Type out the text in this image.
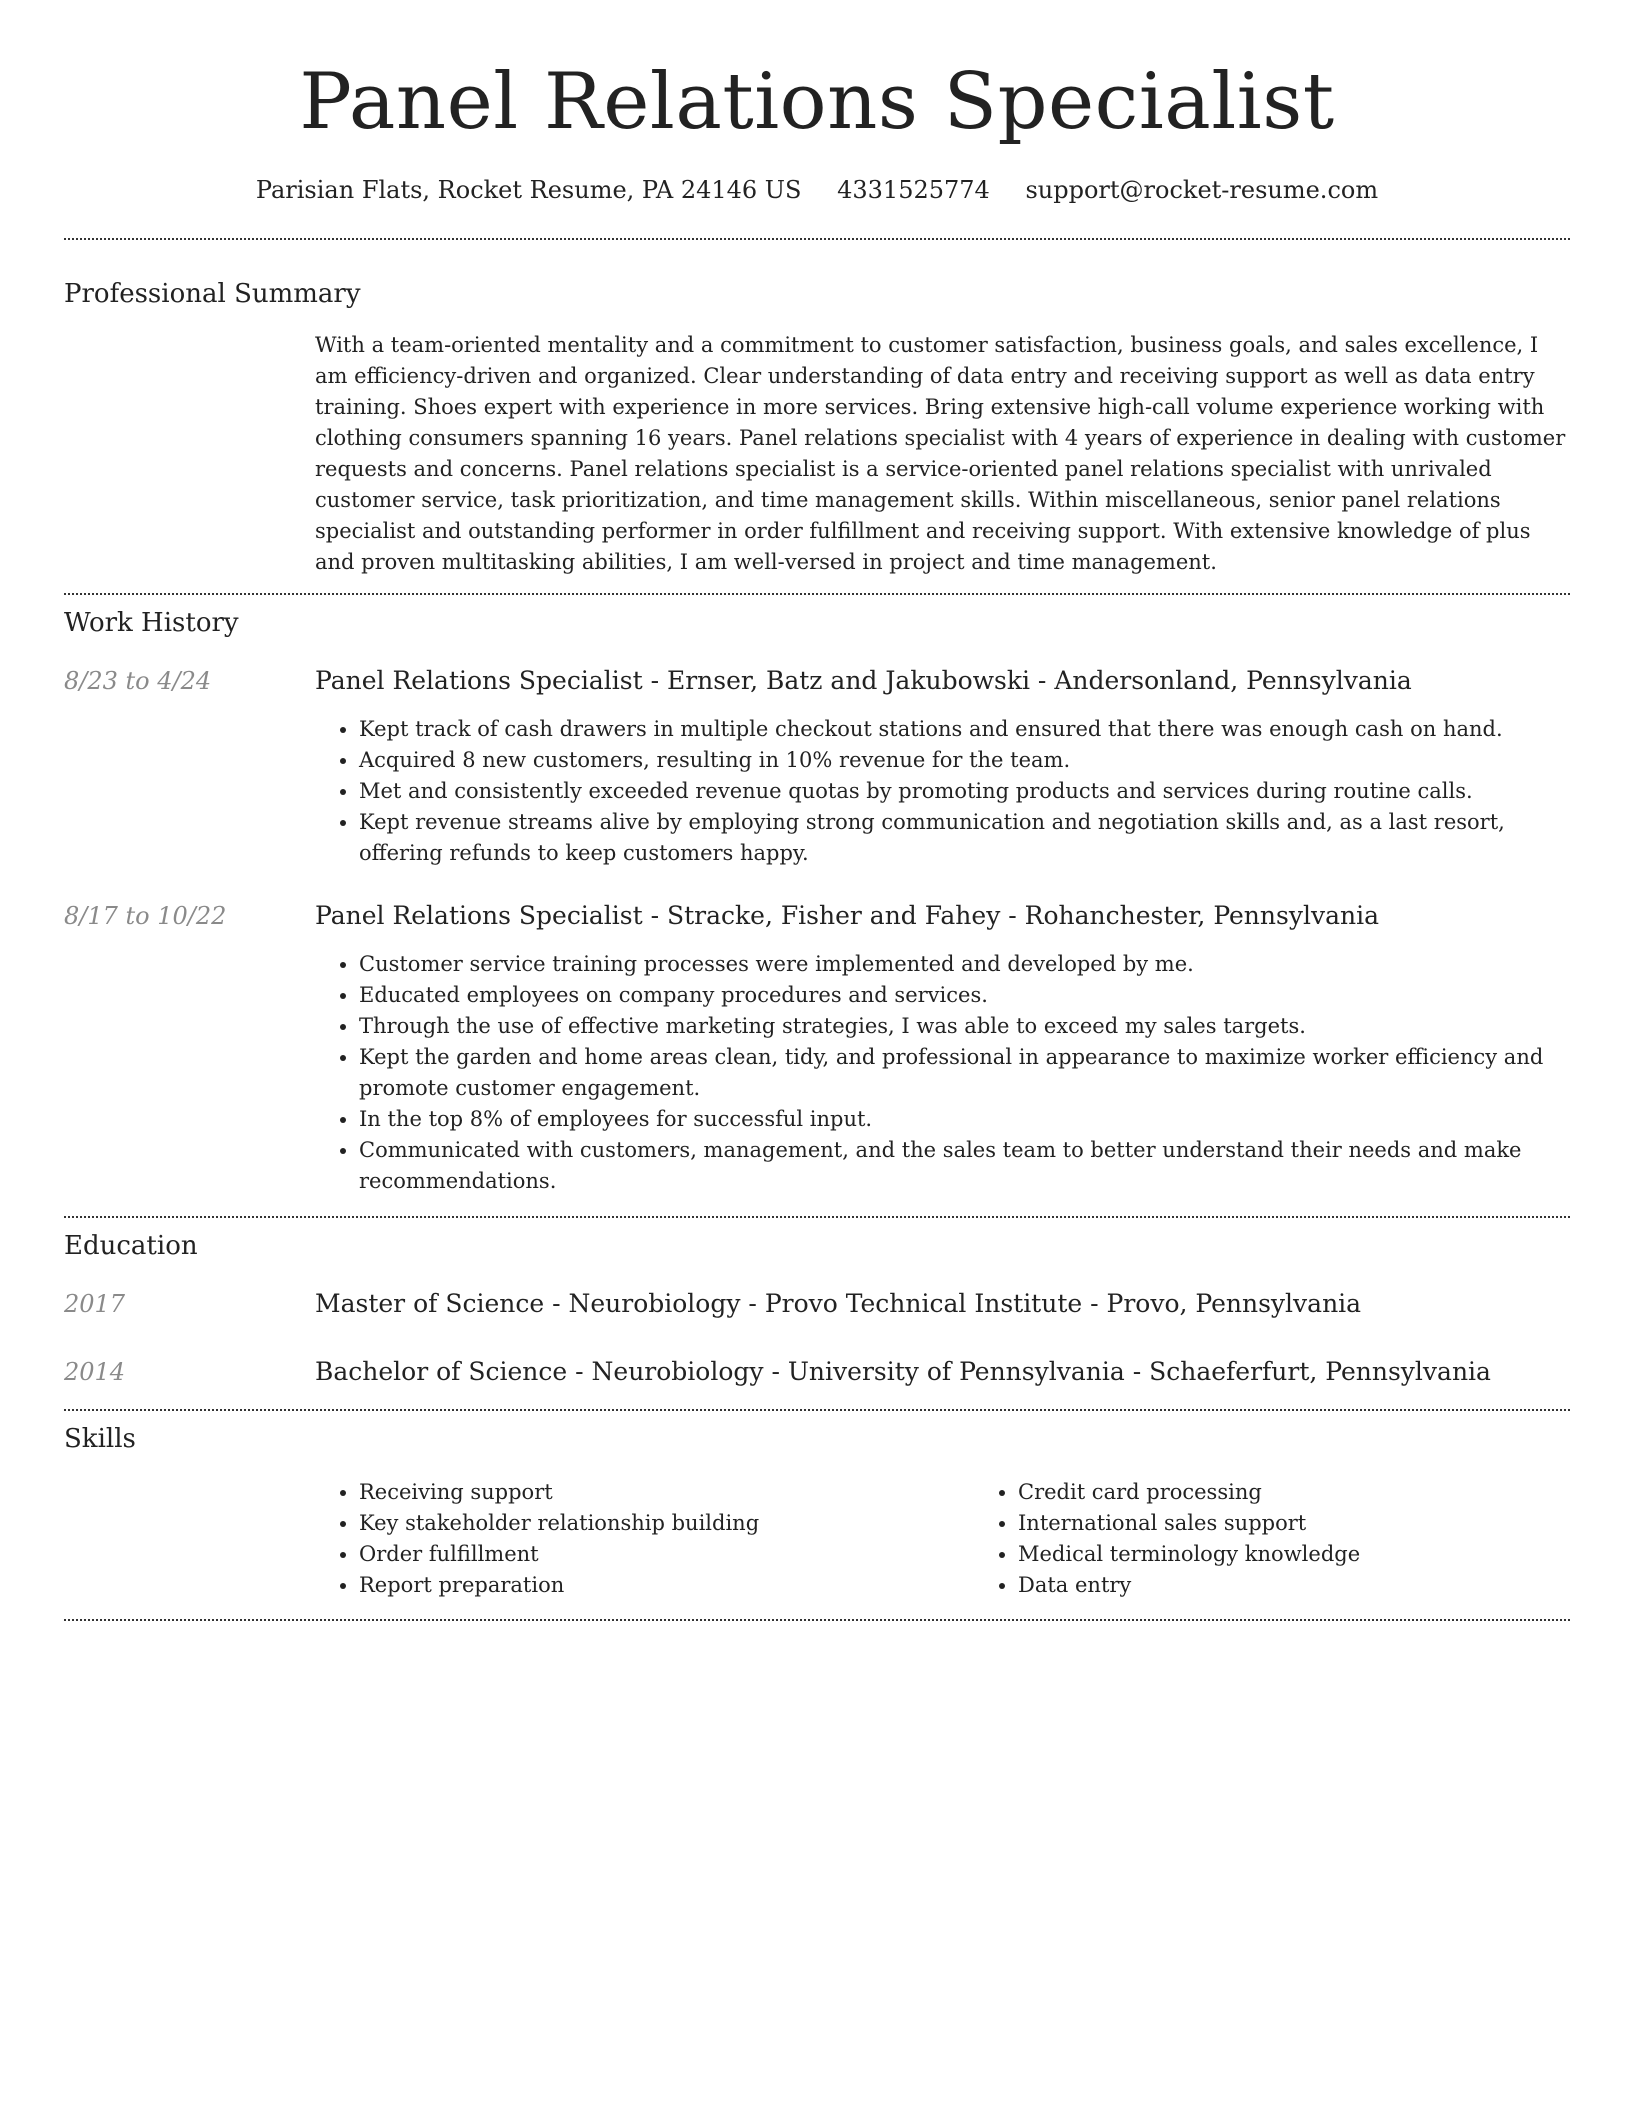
Panel Relations Specialist
Parisian Flats, Rocket Resume, PA 24146 US 4331525774 support@rocket-resume.com
Professional Summary
With a team-oriented mentality and a commitment to customer satisfaction, business goals, and sales excellence, I am efficiency-driven and organized. Clear understanding of data entry and receiving support as well as data entry training. Shoes expert with experience in more services. Bring extensive high-call volume experience working with clothing consumers spanning 16 years. Panel relations specialist with 4 years of experience in dealing with customer requests and concerns. Panel relations specialist is a service-oriented panel relations specialist with unrivaled customer service, task prioritization, and time management skills. Within miscellaneous, senior panel relations specialist and outstanding performer in order fulfillment and receiving support. With extensive knowledge of plus and proven multitasking abilities, I am well-versed in project and time management.
Work History
8/23 to 4/24	Panel Relations Specialist - Ernser, Batz and Jakubowski - Andersonland, Pennsylvania
• Kept track of cash drawers in multiple checkout stations and ensured that there was enough cash on hand.
• Acquired 8 new customers, resulting in 10% revenue for the team.
• Met and consistently exceeded revenue quotas by promoting products and services during routine calls.
• Kept revenue streams alive by employing strong communication and negotiation skills and, as a last resort, offering refunds to keep customers happy.
8/17 to 10/22	Panel Relations Specialist - Stracke, Fisher and Fahey - Rohanchester, Pennsylvania
• Customer service training processes were implemented and developed by me.
• Educated employees on company procedures and services.
• Through the use of effective marketing strategies, I was able to exceed my sales targets.
• Kept the garden and home areas clean, tidy, and professional in appearance to maximize worker efficiency and promote customer engagement.
• In the top 8% of employees for successful input.
• Communicated with customers, management, and the sales team to better understand their needs and make recommendations.
Education
2017	Master of Science - Neurobiology - Provo Technical Institute - Provo, Pennsylvania
2014	Bachelor of Science - Neurobiology - University of Pennsylvania - Schaeferfurt, Pennsylvania
Skills
• Receiving support
• Key stakeholder relationship building
• Order fulfillment
• Report preparation
• Credit card processing
• International sales support
• Medical terminology knowledge
• Data entry
